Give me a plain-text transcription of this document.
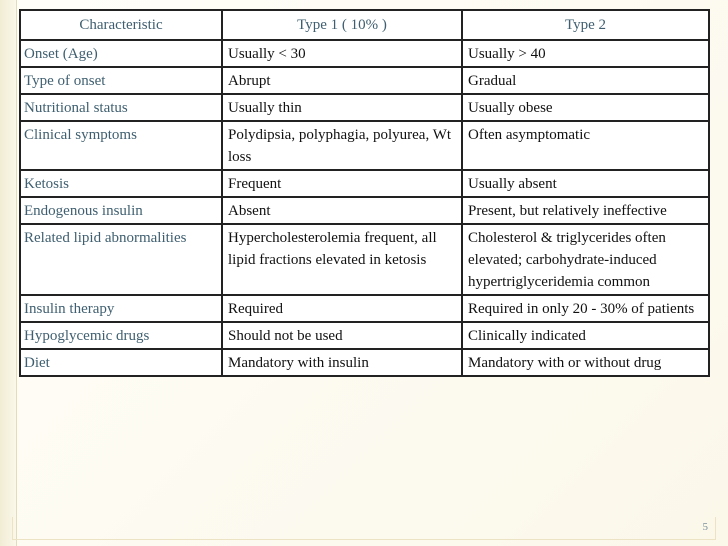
Characteristic	Type 1 ( 10% )	Type 2
Onset (Age)	Usually < 30	Usually > 40
Type of onset	Abrupt	Gradual
Nutritional status	Usually thin	Usually obese
Clinical symptoms	Polydipsia, polyphagia, polyurea, Wt loss	Often asymptomatic
Ketosis	Frequent	Usually absent
Endogenous insulin	Absent	Present, but relatively ineffective
Related lipid abnormalities	Hypercholesterolemia frequent, all lipid fractions elevated in ketosis	Cholesterol & triglycerides often elevated; carbohydrate-induced hypertriglyceridemia common
Insulin therapy	Required	Required in only 20 - 30% of patients
Hypoglycemic drugs	Should not be used	Clinically indicated
Diet	Mandatory with insulin	Mandatory with or without drug
5
